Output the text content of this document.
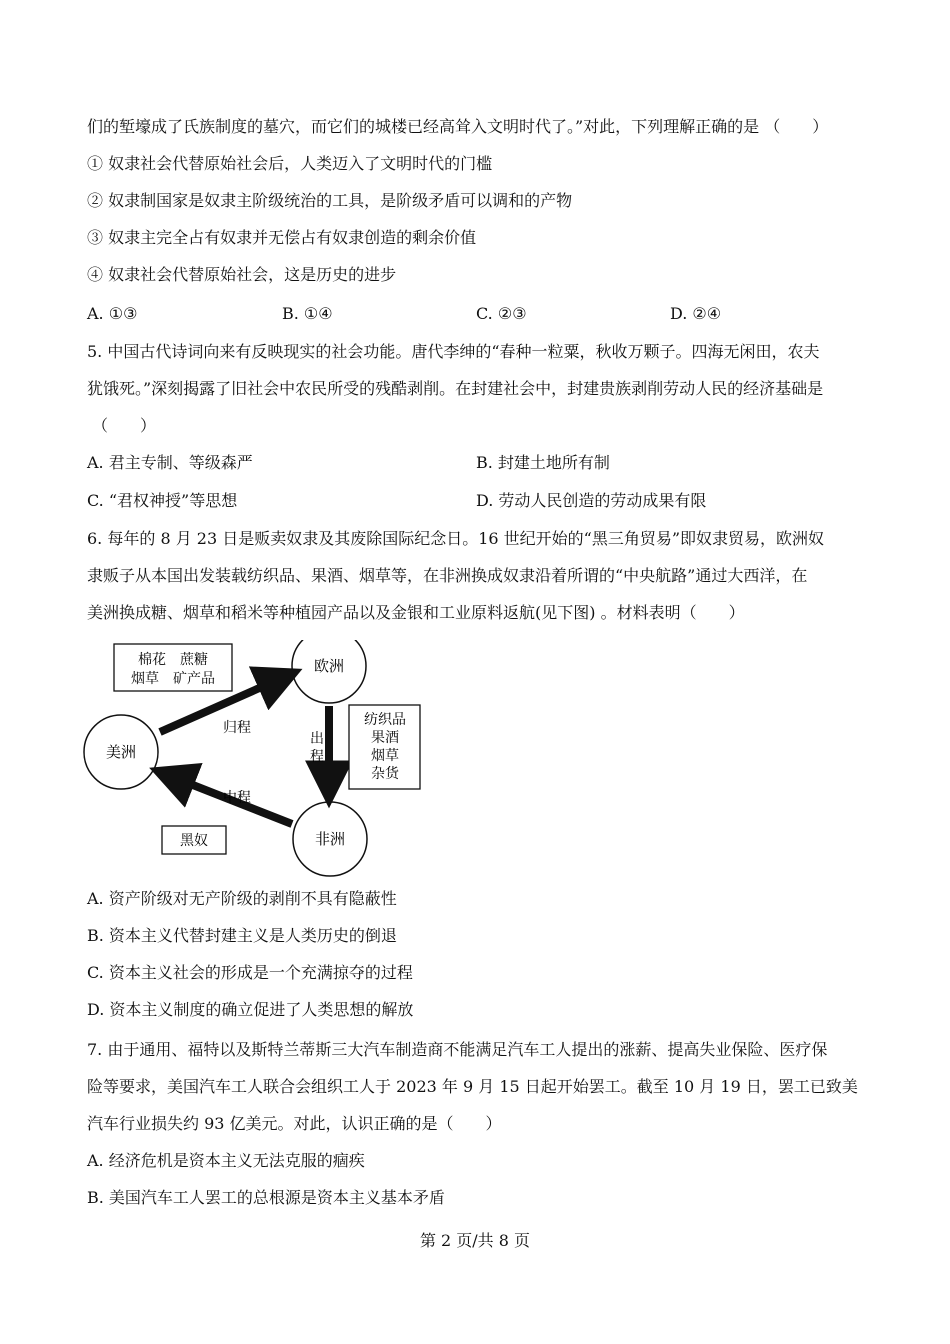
们的堑壕成了氏族制度的墓穴，而它们的城楼已经高耸入文明时代了。”对此，下列理解正确的是 （　　）
① 奴隶社会代替原始社会后，人类迈入了文明时代的门槛
② 奴隶制国家是奴隶主阶级统治的工具，是阶级矛盾可以调和的产物
③ 奴隶主完全占有奴隶并无偿占有奴隶创造的剩余价值
④ 奴隶社会代替原始社会，这是历史的进步
A. ①③	B. ①④	C. ②③	D. ②④
5. 中国古代诗词向来有反映现实的社会功能。唐代李绅的“春种一粒粟，秋收万颗子。四海无闲田，农夫
犹饿死。”深刻揭露了旧社会中农民所受的残酷剥削。在封建社会中，封建贵族剥削劳动人民的经济基础是
（　　）
A. 君主专制、等级森严	B. 封建土地所有制
C. “君权神授”等思想	D. 劳动人民创造的劳动成果有限
6. 每年的 8 月 23 日是贩卖奴隶及其废除国际纪念日。16 世纪开始的“黑三角贸易”即奴隶贸易，欧洲奴
隶贩子从本国出发装载纺织品、果酒、烟草等，在非洲换成奴隶沿着所谓的“中央航路”通过大西洋，在
美洲换成糖、烟草和稻米等种植园产品以及金银和工业原料返航(见下图) 。材料表明（　　）
欧洲
美洲
非洲
棉花　蔗糖
烟草　矿产品
纺织品
果酒
烟草
杂货
黑奴
归程
出
程
中程
A. 资产阶级对无产阶级的剥削不具有隐蔽性
B. 资本主义代替封建主义是人类历史的倒退
C. 资本主义社会的形成是一个充满掠夺的过程
D. 资本主义制度的确立促进了人类思想的解放
7. 由于通用、福特以及斯特兰蒂斯三大汽车制造商不能满足汽车工人提出的涨薪、提高失业保险、医疗保
险等要求，美国汽车工人联合会组织工人于 2023 年 9 月 15 日起开始罢工。截至 10 月 19 日，罢工已致美
汽车行业损失约 93 亿美元。对此，认识正确的是（　　）
A. 经济危机是资本主义无法克服的痼疾
B. 美国汽车工人罢工的总根源是资本主义基本矛盾
第 2 页/共 8 页
